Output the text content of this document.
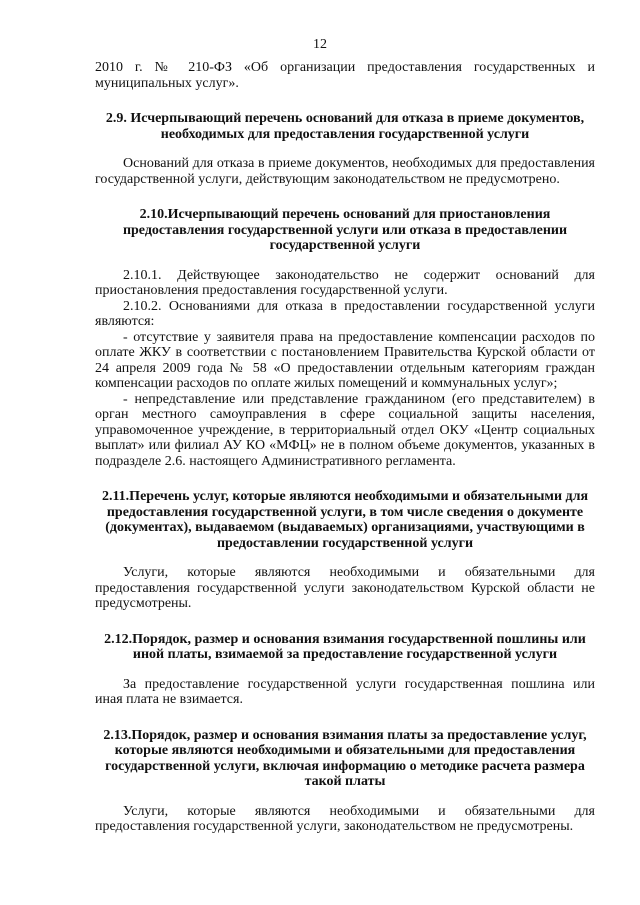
12

2010 г. № 210-ФЗ «Об организации предоставления государственных и муниципальных услуг».

2.9. Исчерпывающий перечень оснований для отказа в приеме документов, необходимых для предоставления государственной услуги

Оснований для отказа в приеме документов, необходимых для предоставления государственной услуги, действующим законодательством не предусмотрено.

2.10.Исчерпывающий перечень оснований для приостановления предоставления государственной услуги или отказа в предоставлении государственной услуги

2.10.1. Действующее законодательство не содержит оснований для приостановления предоставления государственной услуги.

2.10.2. Основаниями для отказа в предоставлении государственной услуги являются:

- отсутствие у заявителя права на предоставление компенсации расходов по оплате ЖКУ в соответствии с постановлением Правительства Курской области от 24 апреля 2009 года № 58 «О предоставлении отдельным категориям граждан компенсации расходов по оплате жилых помещений и коммунальных услуг»;

- непредставление или представление гражданином (его представителем) в орган местного самоуправления в сфере социальной защиты населения, управомоченное учреждение, в территориальный отдел ОКУ «Центр социальных выплат» или филиал АУ КО «МФЦ» не в полном объеме документов, указанных в подразделе 2.6. настоящего Административного регламента.

2.11.Перечень услуг, которые являются необходимыми и обязательными для предоставления государственной услуги, в том числе сведения о документе (документах), выдаваемом (выдаваемых) организациями, участвующими в предоставлении государственной услуги

Услуги, которые являются необходимыми и обязательными для предоставления государственной услуги законодательством Курской области не предусмотрены.

2.12.Порядок, размер и основания взимания государственной пошлины или иной платы, взимаемой за предоставление государственной услуги

За предоставление государственной услуги государственная пошлина или иная плата не взимается.

2.13.Порядок, размер и основания взимания платы за предоставление услуг, которые являются необходимыми и обязательными для предоставления государственной услуги, включая информацию о методике расчета размера такой платы

Услуги, которые являются необходимыми и обязательными для предоставления государственной услуги, законодательством не предусмотрены.
